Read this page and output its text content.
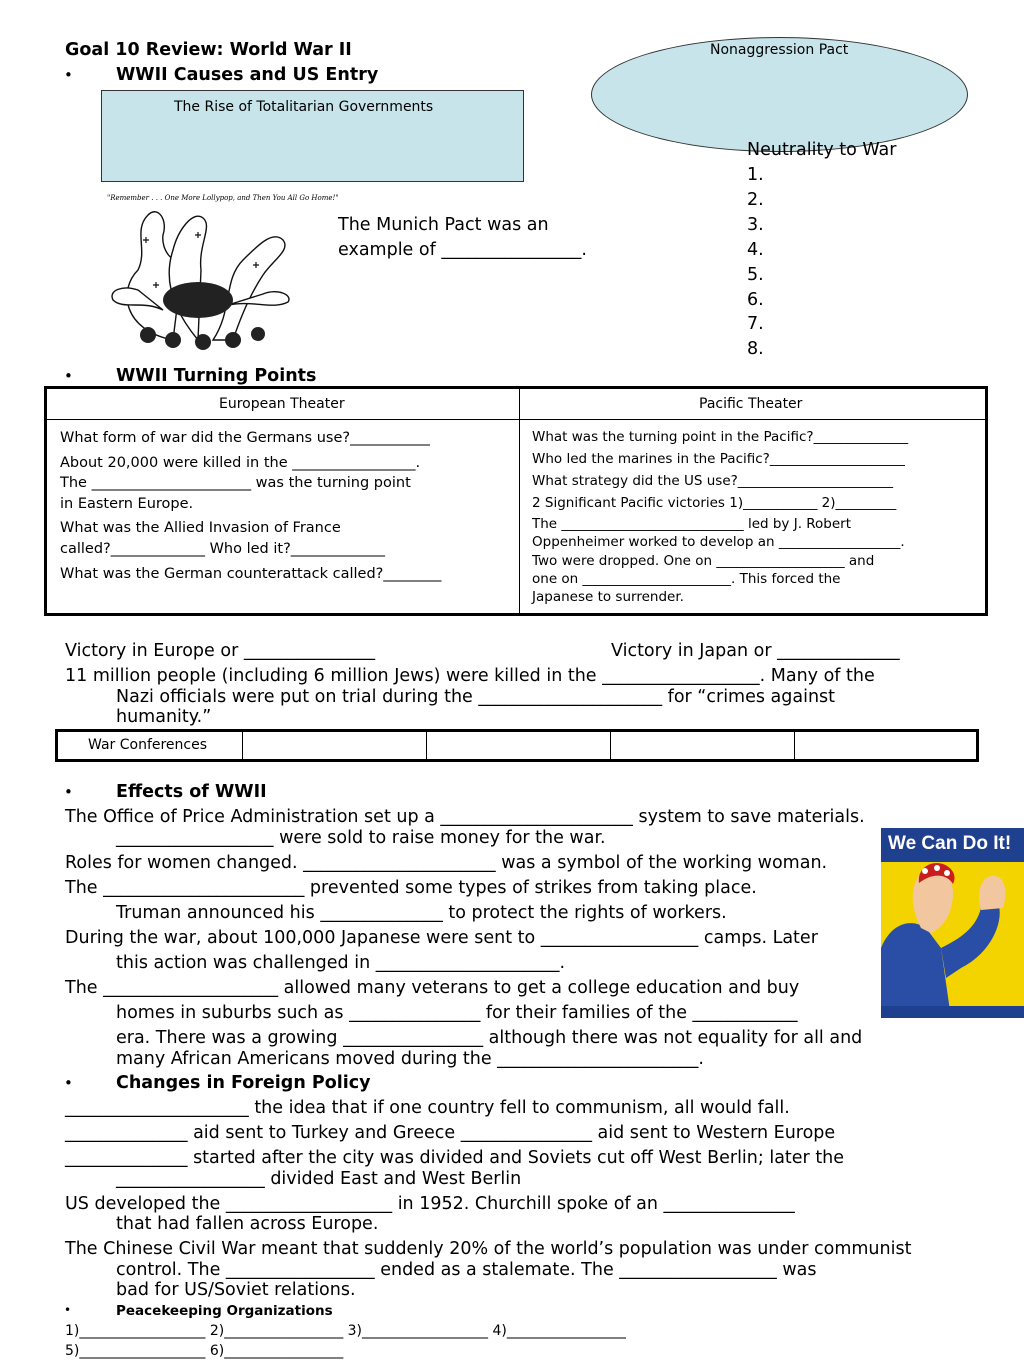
Goal 10 Review: World War II
• WWII Causes and US Entry
The Rise of Totalitarian Governments
Nonaggression Pact
"Remember . . . One More Lollypop, and Then You All Go Home!"
The Munich Pact was an
example of ________________.
Neutrality to War
1.
2.
3.
4.
5.
6.
7.
8.
• WWII Turning Points
European Theater	Pacific Theater
What form of war did the Germans use?___________
About 20,000 were killed in the _________________.
The ______________________ was the turning point
in Eastern Europe.
What was the Allied Invasion of France
called?_____________ Who led it?_____________
What was the German counterattack called?________
What was the turning point in the Pacific?______________
Who led the marines in the Pacific?____________________
What strategy did the US use?_______________________
2 Significant Pacific victories 1)___________ 2)_________
The ___________________________ led by J. Robert
Oppenheimer worked to develop an __________________.
Two were dropped. One on ___________________ and
one on ______________________. This forced the
Japanese to surrender.
Victory in Europe or _______________	Victory in Japan or ______________
11 million people (including 6 million Jews) were killed in the __________________. Many of the
Nazi officials were put on trial during the _____________________ for “crimes against
humanity.”
War Conferences
• Effects of WWII
The Office of Price Administration set up a ______________________ system to save materials.
__________________ were sold to raise money for the war.
Roles for women changed. ______________________ was a symbol of the working woman.
The _______________________ prevented some types of strikes from taking place.
Truman announced his ______________ to protect the rights of workers.
During the war, about 100,000 Japanese were sent to __________________ camps. Later
this action was challenged in _____________________.
The ____________________ allowed many veterans to get a college education and buy
homes in suburbs such as _______________ for their families of the ____________
era. There was a growing ________________ although there was not equality for all and
many African Americans moved during the _______________________.
We Can Do It!
• Changes in Foreign Policy
_____________________ the idea that if one country fell to communism, all would fall.
______________ aid sent to Turkey and Greece _______________ aid sent to Western Europe
______________ started after the city was divided and Soviets cut off West Berlin; later the
_________________ divided East and West Berlin
US developed the ___________________ in 1952. Churchill spoke of an _______________
that had fallen across Europe.
The Chinese Civil War meant that suddenly 20% of the world’s population was under communist
control. The _________________ ended as a stalemate. The __________________ was
bad for US/Soviet relations.
•	Peacekeeping Organizations
1)__________________ 2)_________________ 3)__________________ 4)_________________
5)__________________ 6)_________________
